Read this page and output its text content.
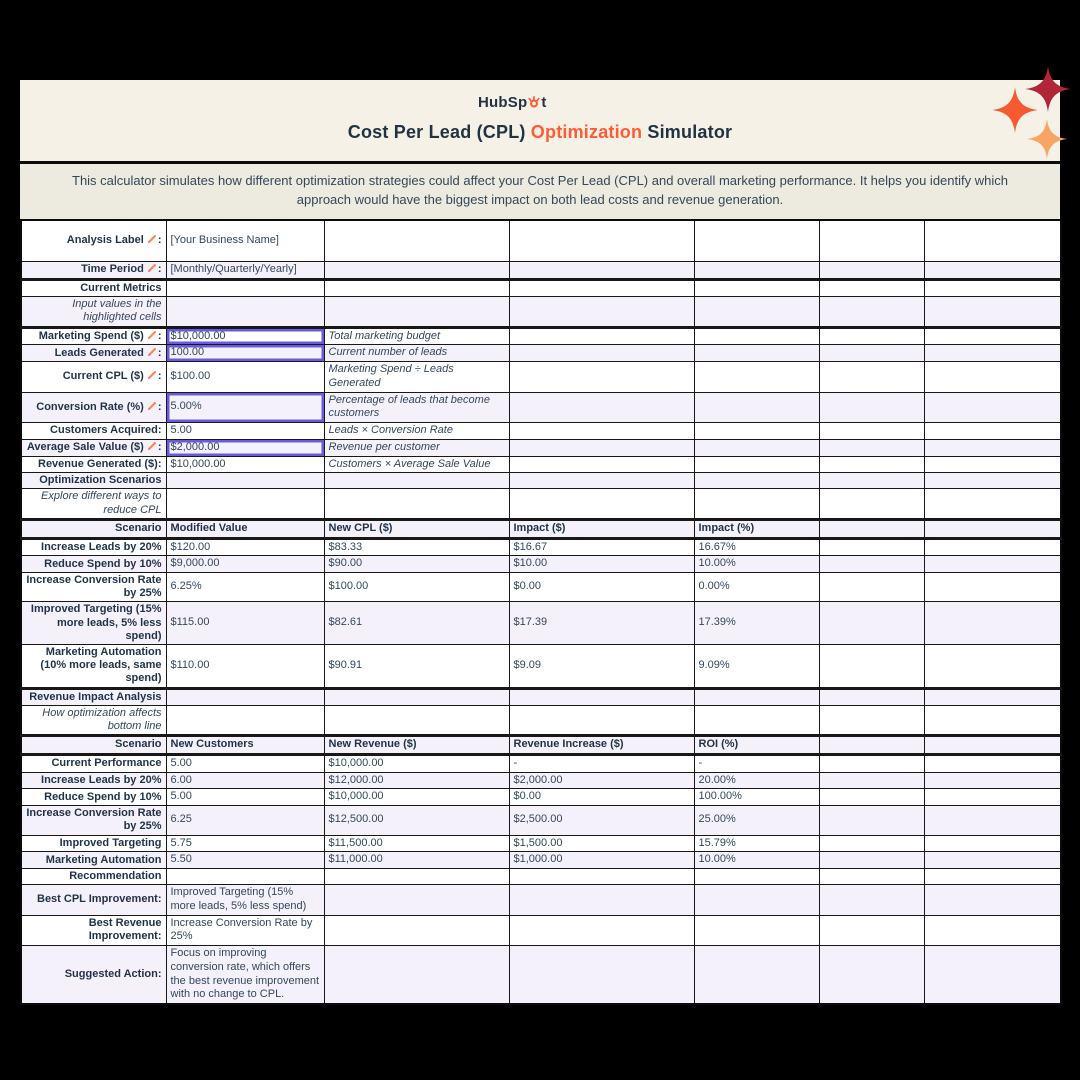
HubSp t
Cost Per Lead (CPL) Optimization Simulator

This calculator simulates how different optimization strategies could affect your Cost Per Lead (CPL) and overall marketing performance. It helps you identify which approach would have the biggest impact on both lead costs and revenue generation.

Analysis Label :	[Your Business Name]					
Time Period :	[Monthly/Quarterly/Yearly]					
Current Metrics						
Input values in the highlighted cells						
Marketing Spend ($) :	$10,000.00	Total marketing budget				
Leads Generated :	100.00	Current number of leads				
Current CPL ($) :	$100.00	Marketing Spend ÷ Leads Generated				
Conversion Rate (%) :	5.00%	Percentage of leads that become customers				
Customers Acquired:	5.00	Leads × Conversion Rate				
Average Sale Value ($) :	$2,000.00	Revenue per customer				
Revenue Generated ($):	$10,000.00	Customers × Average Sale Value				
Optimization Scenarios						
Explore different ways to reduce CPL						
Scenario	Modified Value	New CPL ($)	Impact ($)	Impact (%)		
Increase Leads by 20%	$120.00	$83.33	$16.67	16.67%		
Reduce Spend by 10%	$9,000.00	$90.00	$10.00	10.00%		
Increase Conversion Rate by 25%	6.25%	$100.00	$0.00	0.00%		
Improved Targeting (15% more leads, 5% less spend)	$115.00	$82.61	$17.39	17.39%		
Marketing Automation (10% more leads, same spend)	$110.00	$90.91	$9.09	9.09%		
Revenue Impact Analysis						
How optimization affects bottom line						
Scenario	New Customers	New Revenue ($)	Revenue Increase ($)	ROI (%)		
Current Performance	5.00	$10,000.00	-	-		
Increase Leads by 20%	6.00	$12,000.00	$2,000.00	20.00%		
Reduce Spend by 10%	5.00	$10,000.00	$0.00	100.00%		
Increase Conversion Rate by 25%	6.25	$12,500.00	$2,500.00	25.00%		
Improved Targeting	5.75	$11,500.00	$1,500.00	15.79%		
Marketing Automation	5.50	$11,000.00	$1,000.00	10.00%		
Recommendation						
Best CPL Improvement:	Improved Targeting (15% more leads, 5% less spend)					
Best Revenue Improvement:	Increase Conversion Rate by 25%					
Suggested Action:	Focus on improving conversion rate, which offers the best revenue improvement with no change to CPL.					
